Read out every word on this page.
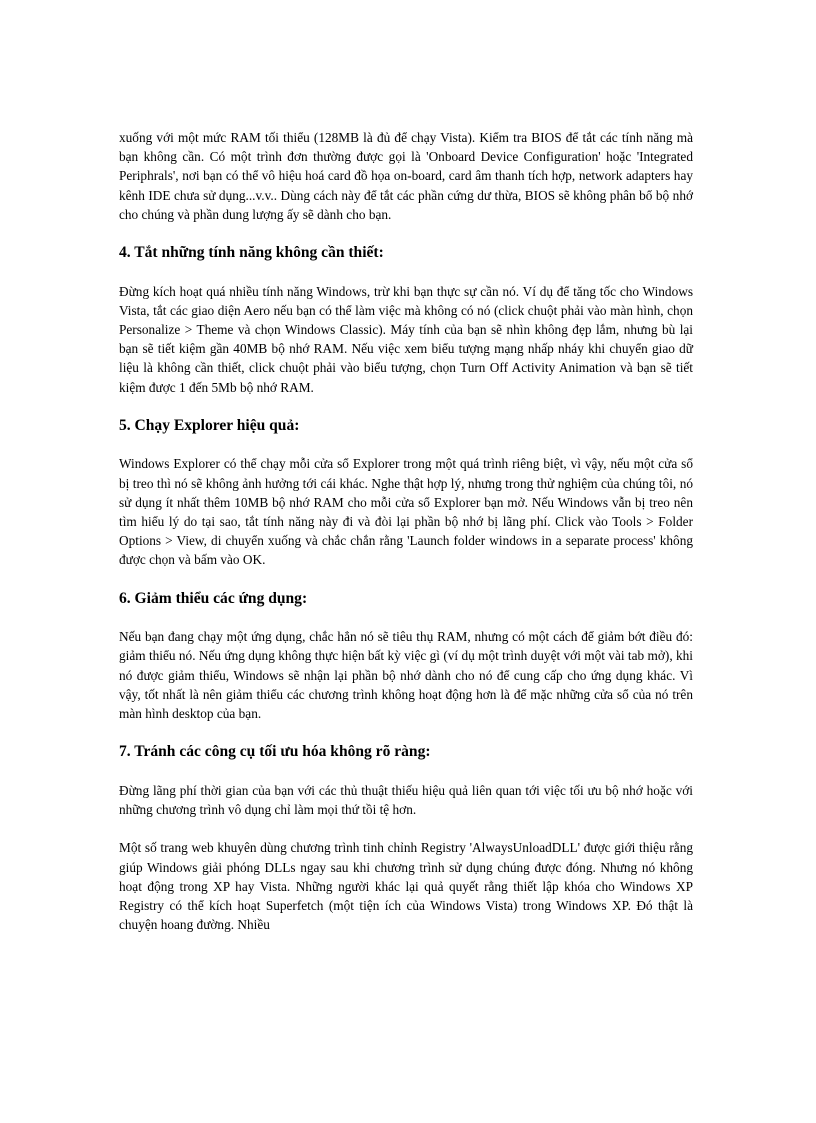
xuống với một mức RAM tối thiểu (128MB là đủ để chạy Vista). Kiểm tra BIOS để tắt các tính năng mà bạn không cần. Có một trình đơn thường được gọi là 'Onboard Device Configuration' hoặc 'Integrated Periphrals', nơi bạn có thể vô hiệu hoá card đồ họa on-board, card âm thanh tích hợp, network adapters hay kênh IDE chưa sử dụng...v.v.. Dùng cách này để tắt các phần cứng dư thừa, BIOS sẽ không phân bổ bộ nhớ cho chúng và phần dung lượng ấy sẽ dành cho bạn.

4. Tắt những tính năng không cần thiết:

Đừng kích hoạt quá nhiều tính năng Windows, trừ khi bạn thực sự cần nó. Ví dụ để tăng tốc cho Windows Vista, tắt các giao diện Aero nếu bạn có thể làm việc mà không có nó (click chuột phải vào màn hình, chọn Personalize > Theme và chọn Windows Classic). Máy tính của bạn sẽ nhìn không đẹp lắm, nhưng bù lại bạn sẽ tiết kiệm gần 40MB bộ nhớ RAM. Nếu việc xem biểu tượng mạng nhấp nháy khi chuyển giao dữ liệu là không cần thiết, click chuột phải vào biểu tượng, chọn Turn Off Activity Animation và bạn sẽ tiết kiệm được 1 đến 5Mb bộ nhớ RAM.

5. Chạy Explorer hiệu quả:

Windows Explorer có thể chạy mỗi cửa sổ Explorer trong một quá trình riêng biệt, vì vậy, nếu một cửa sổ bị treo thì nó sẽ không ảnh hưởng tới cái khác. Nghe thật hợp lý, nhưng trong thử nghiệm của chúng tôi, nó sử dụng ít nhất thêm 10MB bộ nhớ RAM cho mỗi cửa sổ Explorer bạn mở. Nếu Windows vẫn bị treo nên tìm hiểu lý do tại sao, tắt tính năng này đi và đòi lại phần bộ nhớ bị lãng phí. Click vào Tools > Folder Options > View, di chuyển xuống và chắc chắn rằng 'Launch folder windows in a separate process' không được chọn và bấm vào OK.

6. Giảm thiểu các ứng dụng:

Nếu bạn đang chạy một ứng dụng, chắc hẳn nó sẽ tiêu thụ RAM, nhưng có một cách để giảm bớt điều đó: giảm thiểu nó. Nếu ứng dụng không thực hiện bất kỳ việc gì (ví dụ một trình duyệt với một vài tab mở), khi nó được giảm thiểu, Windows sẽ nhận lại phần bộ nhớ dành cho nó để cung cấp cho ứng dụng khác. Vì vậy, tốt nhất là nên giảm thiểu các chương trình không hoạt động hơn là để mặc những cửa sổ của nó trên màn hình desktop của bạn.

7. Tránh các công cụ tối ưu hóa không rõ ràng:

Đừng lãng phí thời gian của bạn với các thủ thuật thiếu hiệu quả liên quan tới việc tối ưu bộ nhớ hoặc với những chương trình vô dụng chỉ làm mọi thứ tồi tệ hơn.

Một số trang web khuyên dùng chương trình tinh chỉnh Registry 'AlwaysUnloadDLL' được giới thiệu rằng giúp Windows giải phóng DLLs ngay sau khi chương trình sử dụng chúng được đóng. Nhưng nó không hoạt động trong XP hay Vista. Những người khác lại quả quyết rằng thiết lập khóa cho Windows XP Registry có thể kích hoạt Superfetch (một tiện ích của Windows Vista) trong Windows XP. Đó thật là chuyện hoang đường. Nhiều
